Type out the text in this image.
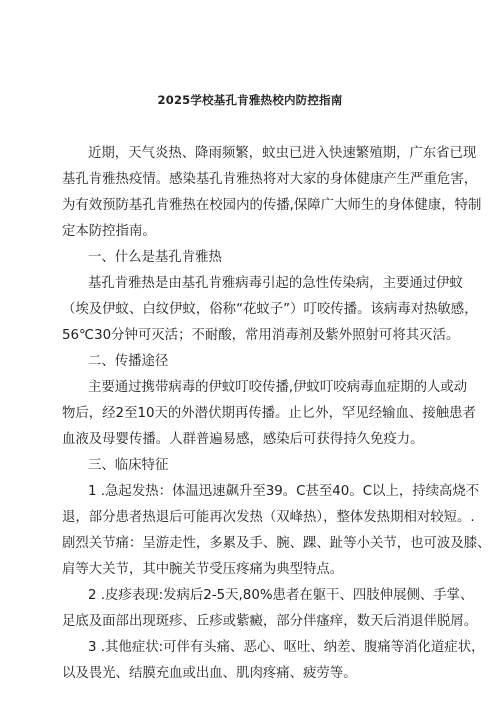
2025学校基孔肯雅热校内防控指南
近期，天气炎热、降雨频繁，蚊虫已进入快速繁殖期，广东省已现
基孔肯雅热疫情。感染基孔肯雅热将对大家的身体健康产生严重危害，
为有效预防基孔肯雅热在校园内的传播,保障广大师生的身体健康，特制
定本防控指南。
一、什么是基孔肯雅热
基孔肯雅热是由基孔肯雅病毒引起的急性传染病，主要通过伊蚊
（埃及伊蚊、白纹伊蚊，俗称“花蚊子”）叮咬传播。该病毒对热敏感，
56℃30分钟可灭活；不耐酸，常用消毒剂及紫外照射可将其灭活。
二、传播途径
主要通过携带病毒的伊蚊叮咬传播,伊蚊叮咬病毒血症期的人或动
物后，经2至10天的外潜伏期再传播。止匕外，罕见经输血、接触患者
血液及母婴传播。人群普遍易感，感染后可获得持久免疫力。
三、临床特征
1 .急起发热：体温迅速飙升至39。C甚至40。C以上，持续高烧不
退，部分患者热退后可能再次发热（双峰热），整体发热期相对较短。.
剧烈关节痛：呈游走性，多累及手、腕、踝、趾等小关节，也可波及膝、
肩等大关节，其中腕关节受压疼痛为典型特点。
2 .皮疹表现:发病后2-5天,80%患者在躯干、四肢伸展侧、手掌、
足底及面部出现斑疹、丘疹或紫癜，部分伴瘙痒，数天后消退伴脱屑。
3 .其他症状:可伴有头痛、恶心、呕吐、纳差、腹痛等消化道症状，
以及畏光、结膜充血或出血、肌肉疼痛、疲劳等。
